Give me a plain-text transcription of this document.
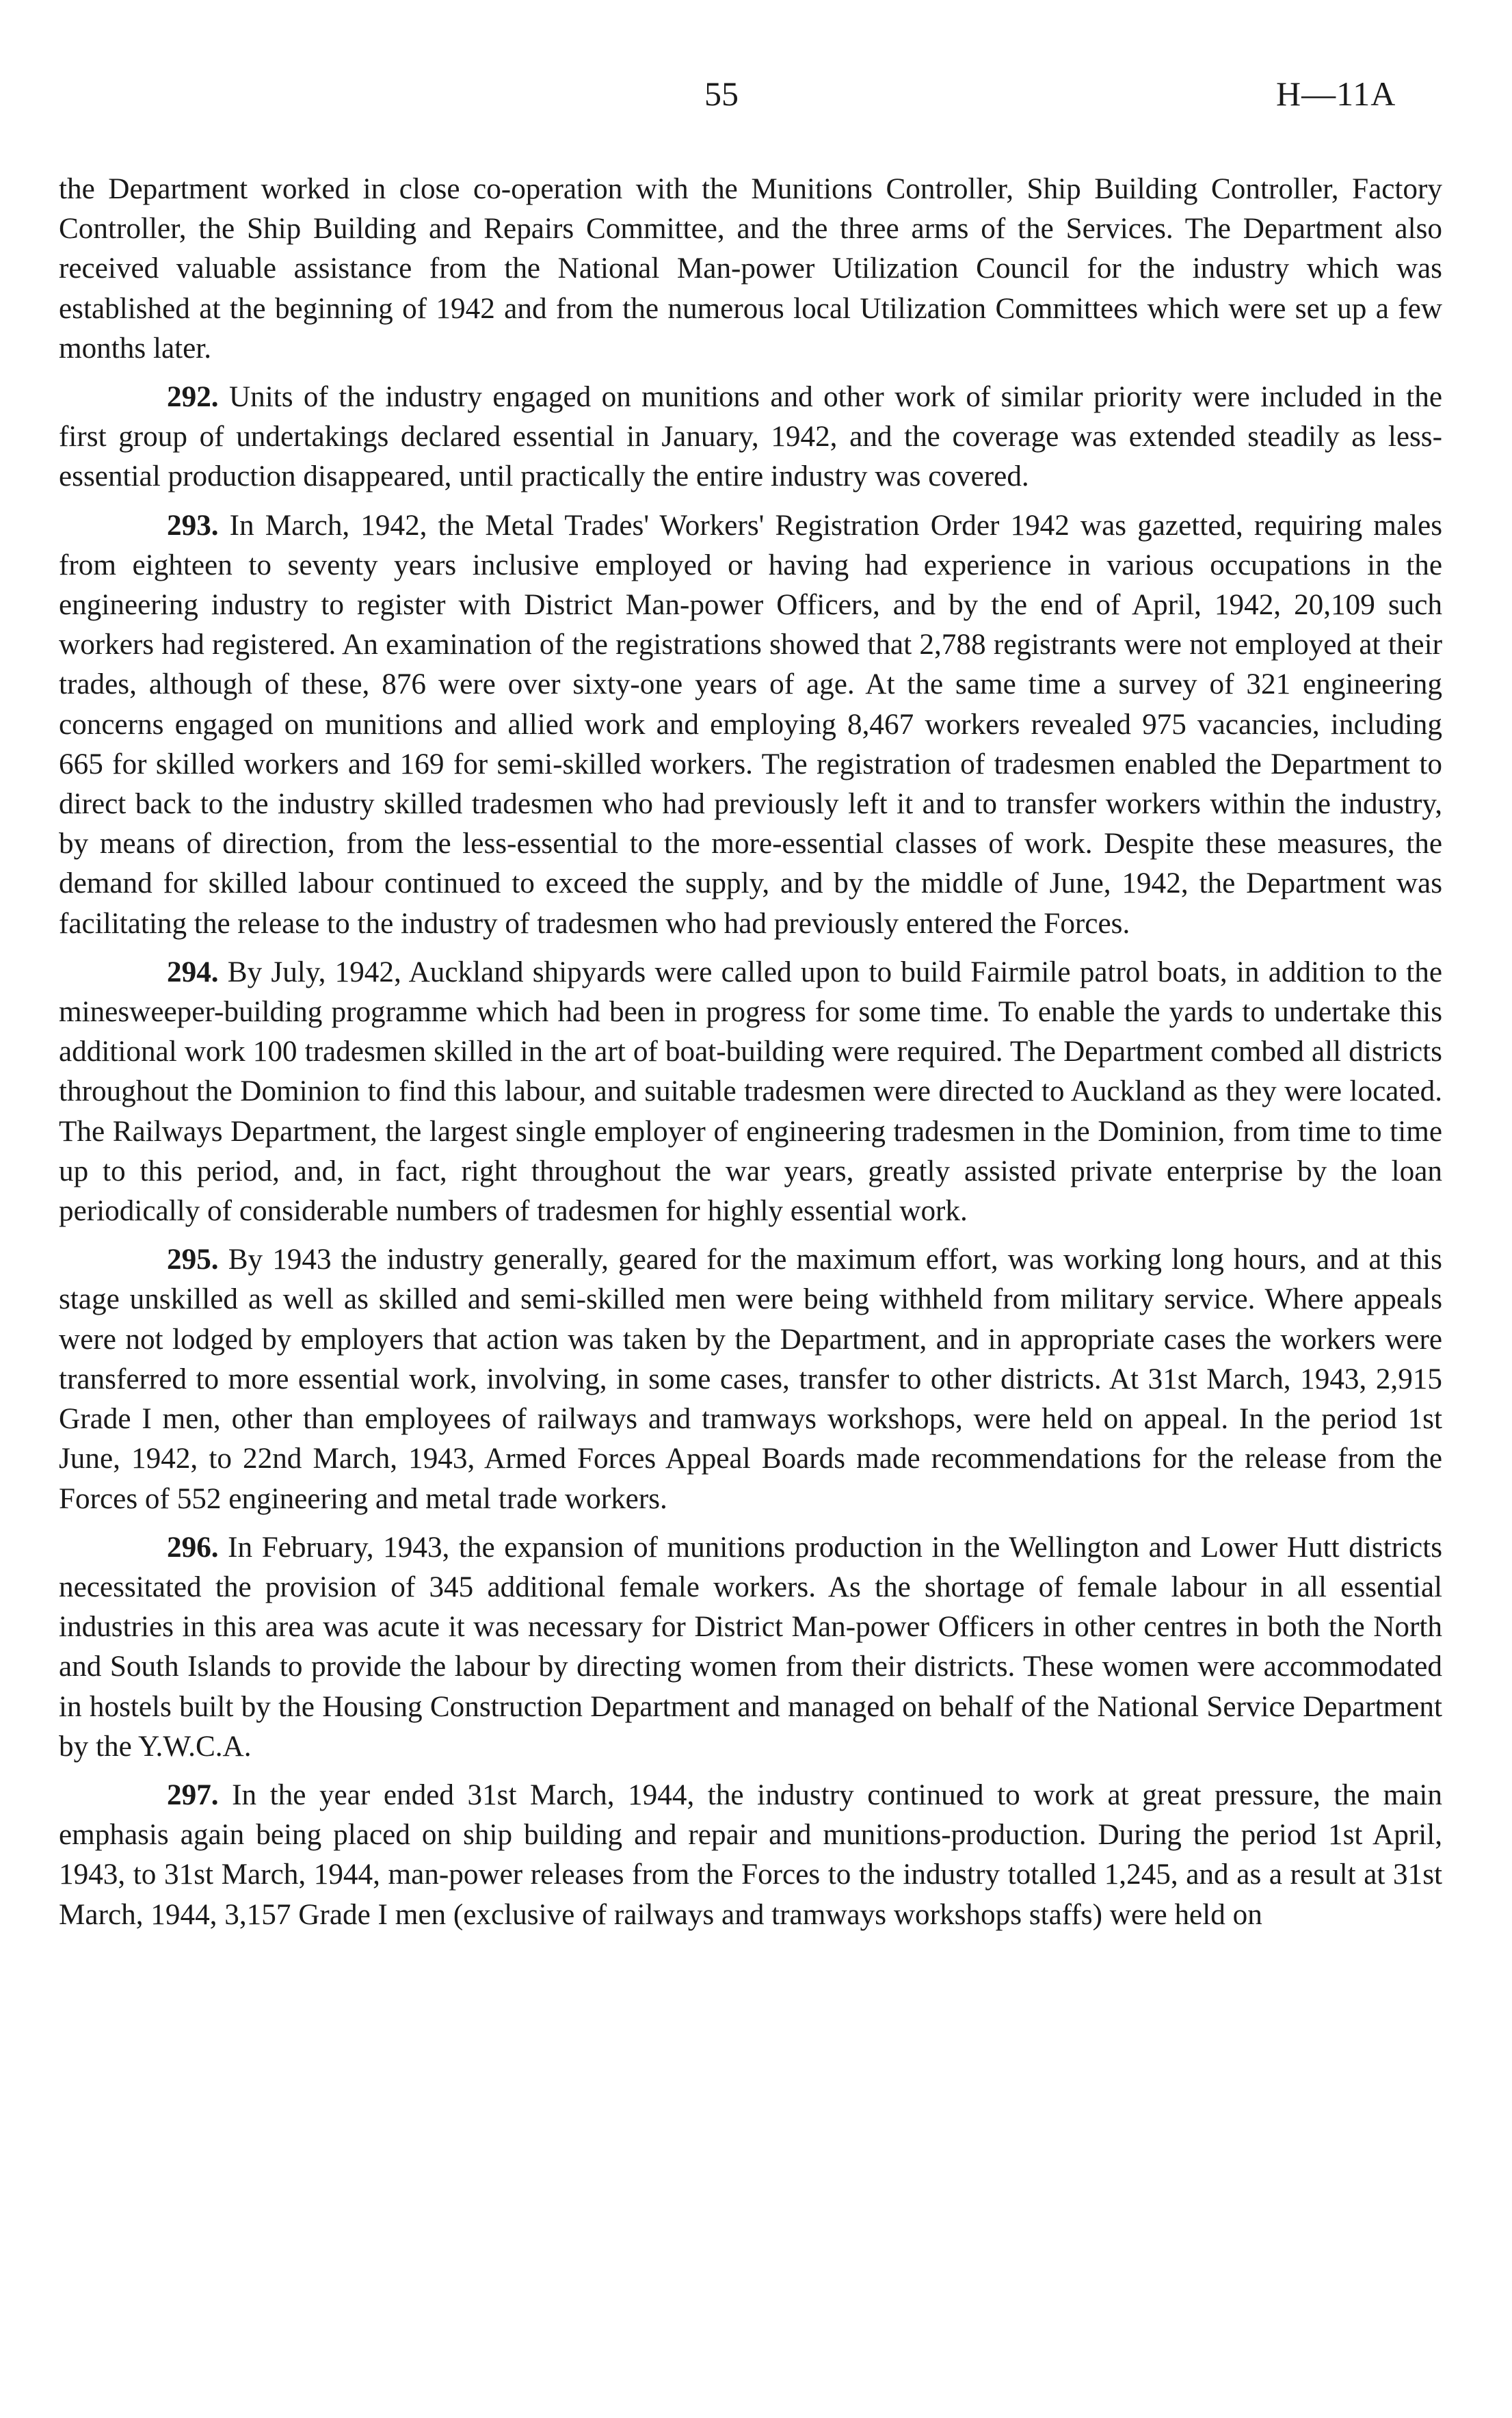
55	H—11A

the Department worked in close co-operation with the Munitions Controller, Ship Building Controller, Factory Controller, the Ship Building and Repairs Committee, and the three arms of the Services. The Department also received valuable assistance from the National Man-power Utilization Council for the industry which was established at the beginning of 1942 and from the numerous local Utilization Committees which were set up a few months later.

292. Units of the industry engaged on munitions and other work of similar priority were included in the first group of undertakings declared essential in January, 1942, and the coverage was extended steadily as less-essential production disappeared, until practically the entire industry was covered.

293. In March, 1942, the Metal Trades' Workers' Registration Order 1942 was gazetted, requiring males from eighteen to seventy years inclusive employed or having had experience in various occupations in the engineering industry to register with District Man-power Officers, and by the end of April, 1942, 20,109 such workers had registered. An examination of the registrations showed that 2,788 registrants were not employed at their trades, although of these, 876 were over sixty-one years of age. At the same time a survey of 321 engineering concerns engaged on munitions and allied work and employing 8,467 workers revealed 975 vacancies, including 665 for skilled workers and 169 for semi-skilled workers. The registration of tradesmen enabled the Department to direct back to the industry skilled tradesmen who had previously left it and to transfer workers within the industry, by means of direction, from the less-essential to the more-essential classes of work. Despite these measures, the demand for skilled labour continued to exceed the supply, and by the middle of June, 1942, the Department was facilitating the release to the industry of tradesmen who had previously entered the Forces.

294. By July, 1942, Auckland shipyards were called upon to build Fairmile patrol boats, in addition to the minesweeper-building programme which had been in progress for some time. To enable the yards to undertake this additional work 100 tradesmen skilled in the art of boat-building were required. The Department combed all districts throughout the Dominion to find this labour, and suitable tradesmen were directed to Auckland as they were located. The Railways Department, the largest single employer of engineering tradesmen in the Dominion, from time to time up to this period, and, in fact, right throughout the war years, greatly assisted private enterprise by the loan periodically of considerable numbers of tradesmen for highly essential work.

295. By 1943 the industry generally, geared for the maximum effort, was working long hours, and at this stage unskilled as well as skilled and semi-skilled men were being withheld from military service. Where appeals were not lodged by employers that action was taken by the Department, and in appropriate cases the workers were transferred to more essential work, involving, in some cases, transfer to other districts. At 31st March, 1943, 2,915 Grade I men, other than employees of railways and tramways workshops, were held on appeal. In the period 1st June, 1942, to 22nd March, 1943, Armed Forces Appeal Boards made recommendations for the release from the Forces of 552 engineering and metal trade workers.

296. In February, 1943, the expansion of munitions production in the Wellington and Lower Hutt districts necessitated the provision of 345 additional female workers. As the shortage of female labour in all essential industries in this area was acute it was necessary for District Man-power Officers in other centres in both the North and South Islands to provide the labour by directing women from their districts. These women were accommodated in hostels built by the Housing Construction Department and managed on behalf of the National Service Department by the Y.W.C.A.

297. In the year ended 31st March, 1944, the industry continued to work at great pressure, the main emphasis again being placed on ship building and repair and munitions-production. During the period 1st April, 1943, to 31st March, 1944, man-power releases from the Forces to the industry totalled 1,245, and as a result at 31st March, 1944, 3,157 Grade I men (exclusive of railways and tramways workshops staffs) were held on
